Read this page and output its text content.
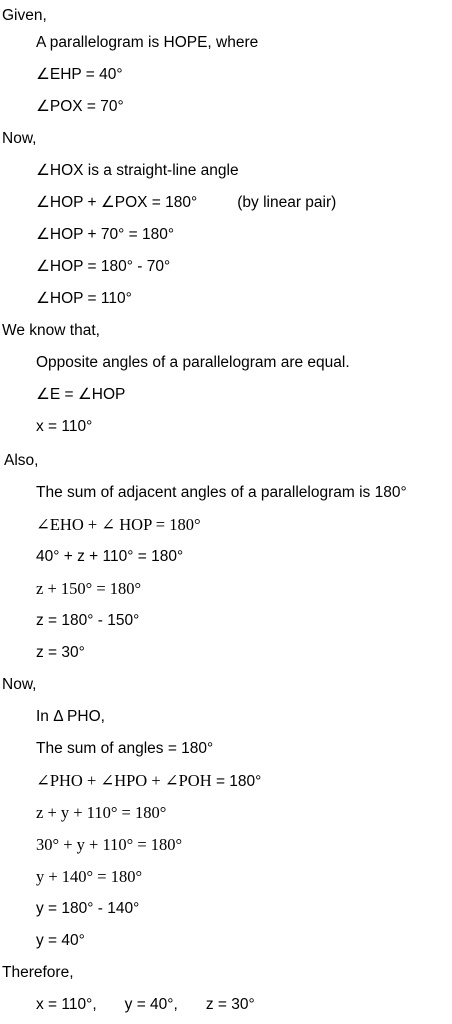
Given,
A parallelogram is HOPE, where
∠EHP = 40°
∠POX = 70°
Now,
∠HOX is a straight-line angle
∠HOP + ∠POX = 180°	(by linear pair)
∠HOP + 70° = 180°
∠HOP = 180° - 70°
∠HOP = 110°
We know that,
Opposite angles of a parallelogram are equal.
∠E = ∠HOP
x = 110°
Also,
The sum of adjacent angles of a parallelogram is 180°
∠EHO + ∠ HOP = 180°
40° + z + 110° = 180°
z + 150° = 180°
z = 180° - 150°
z = 30°
Now,
In Δ PHO,
The sum of angles = 180°
∠PHO + ∠HPO + ∠POH = 180°
z + y + 110° = 180°
30° + y + 110° = 180°
y + 140° = 180°
y = 180° - 140°
y = 40°
Therefore,
x = 110°, y = 40°, z = 30°
